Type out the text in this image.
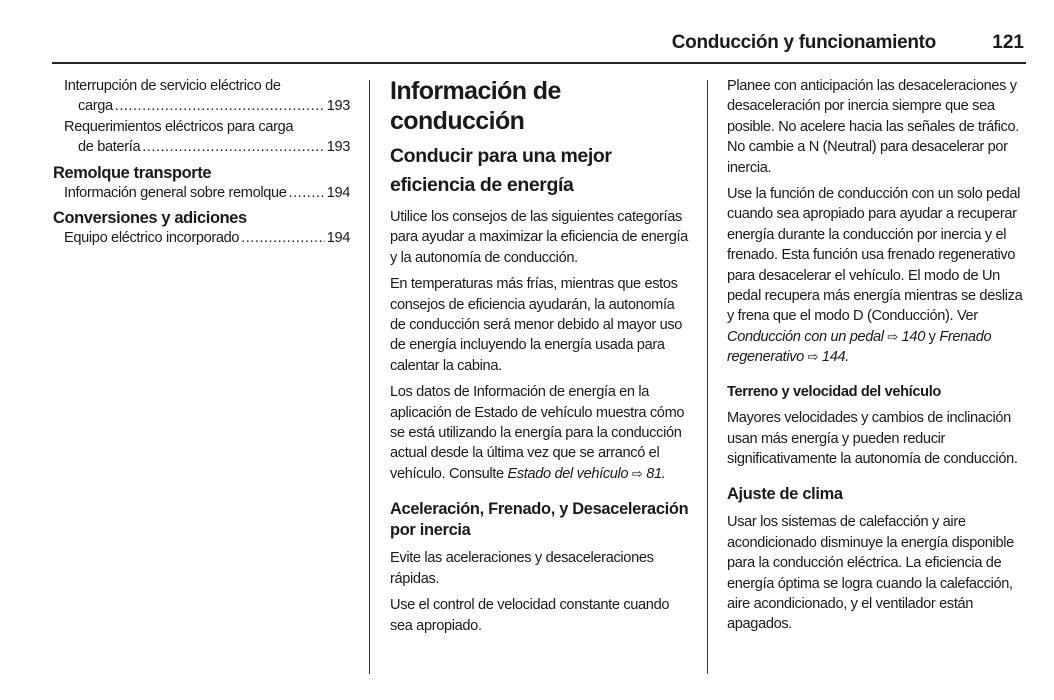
Conducción y funcionamiento	121
Interrupción de servicio eléctrico de
carga .....	193
Requerimientos eléctricos para carga
de batería .....	193
Remolque transporte
Información general sobre remolque .....	194
Conversiones y adiciones
Equipo eléctrico incorporado .....	194
Información de conducción
Conducir para una mejor eficiencia de energía

Utilice los consejos de las siguientes categorías para ayudar a maximizar la eficiencia de energía y la autonomía de conducción.

En temperaturas más frías, mientras que estos consejos de eficiencia ayudarán, la autonomía de conducción será menor debido al mayor uso de energía incluyendo la energía usada para calentar la cabina.

Los datos de Información de energía en la aplicación de Estado de vehículo muestra cómo se está utilizando la energía para la conducción actual desde la última vez que se arrancó el vehículo. Consulte Estado del vehículo ⇨ 81.

Aceleración, Frenado, y Desaceleración por inercia

Evite las aceleraciones y desaceleraciones rápidas.

Use el control de velocidad constante cuando sea apropiado.

Planee con anticipación las desaceleraciones y desaceleración por inercia siempre que sea posible. No acelere hacia las señales de tráfico. No cambie a N (Neutral) para desacelerar por inercia.

Use la función de conducción con un solo pedal cuando sea apropiado para ayudar a recuperar energía durante la conducción por inercia y el frenado. Esta función usa frenado regenerativo para desacelerar el vehículo. El modo de Un pedal recupera más energía mientras se desliza y frena que el modo D (Conducción). Ver Conducción con un pedal ⇨ 140 y Frenado regenerativo ⇨ 144.

Terreno y velocidad del vehículo

Mayores velocidades y cambios de inclinación usan más energía y pueden reducir significativamente la autonomía de conducción.

Ajuste de clima

Usar los sistemas de calefacción y aire acondicionado disminuye la energía disponible para la conducción eléctrica. La eficiencia de energía óptima se logra cuando la calefacción, aire acondicionado, y el ventilador están apagados.
